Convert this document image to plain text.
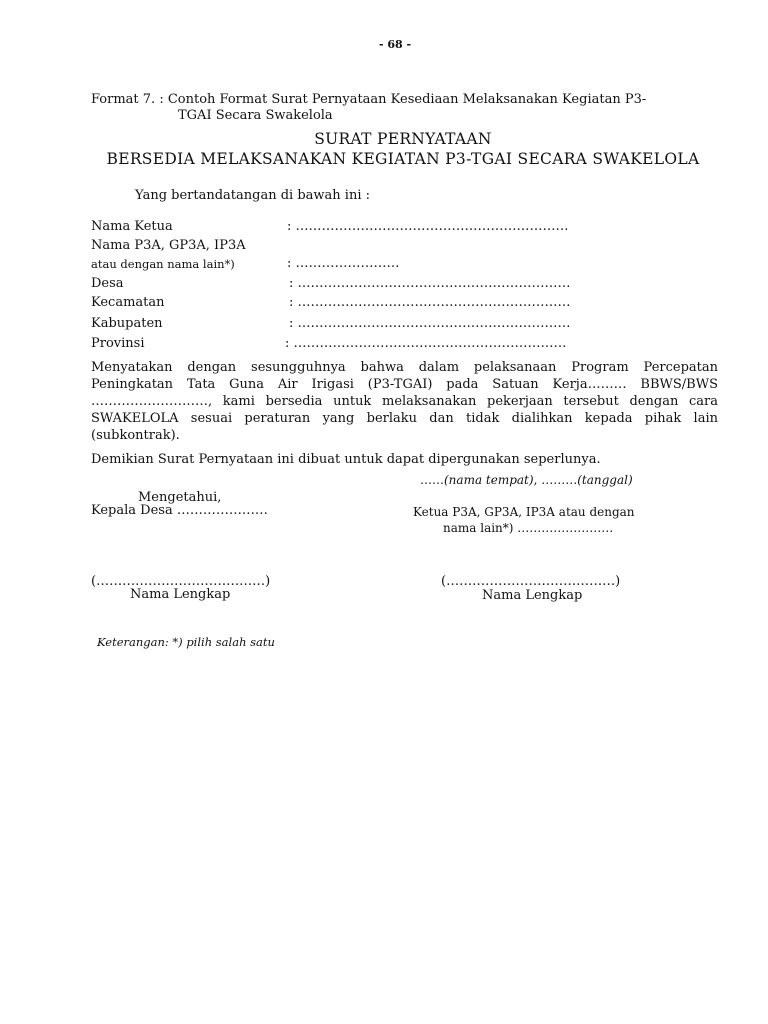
- 68 -
Format 7. : Contoh Format Surat Pernyataan Kesediaan Melaksanakan Kegiatan P3-
TGAI Secara Swakelola
SURAT PERNYATAAN
BERSEDIA MELAKSANAKAN KEGIATAN P3-TGAI SECARA SWAKELOLA
Yang bertandatangan di bawah ini :
Nama Ketua	: ………………………………………………………
Nama P3A, GP3A, IP3A
atau dengan nama lain*)	: ……………………
Desa	: ………………………………………………………
Kecamatan	: ………………………………………………………
Kabupaten	: ………………………………………………………
Provinsi	: ………………………………………………………
Menyatakan dengan sesungguhnya bahwa dalam pelaksanaan Program Percepatan Peningkatan Tata Guna Air Irigasi (P3-TGAI) pada Satuan Kerja……… BBWS/BWS ………………………, kami bersedia untuk melaksanakan pekerjaan tersebut dengan cara SWAKELOLA sesuai peraturan yang berlaku dan tidak dialihkan kepada pihak lain (subkontrak).
Demikian Surat Pernyataan ini dibuat untuk dapat dipergunakan seperlunya.
……(nama tempat), ………(tanggal)
Mengetahui,
Kepala Desa …………………
(…………………………………)
Nama Lengkap
Ketua P3A, GP3A, IP3A atau dengan
nama lain*) ……………………
(…………………………………)
Nama Lengkap
Keterangan: *) pilih salah satu
